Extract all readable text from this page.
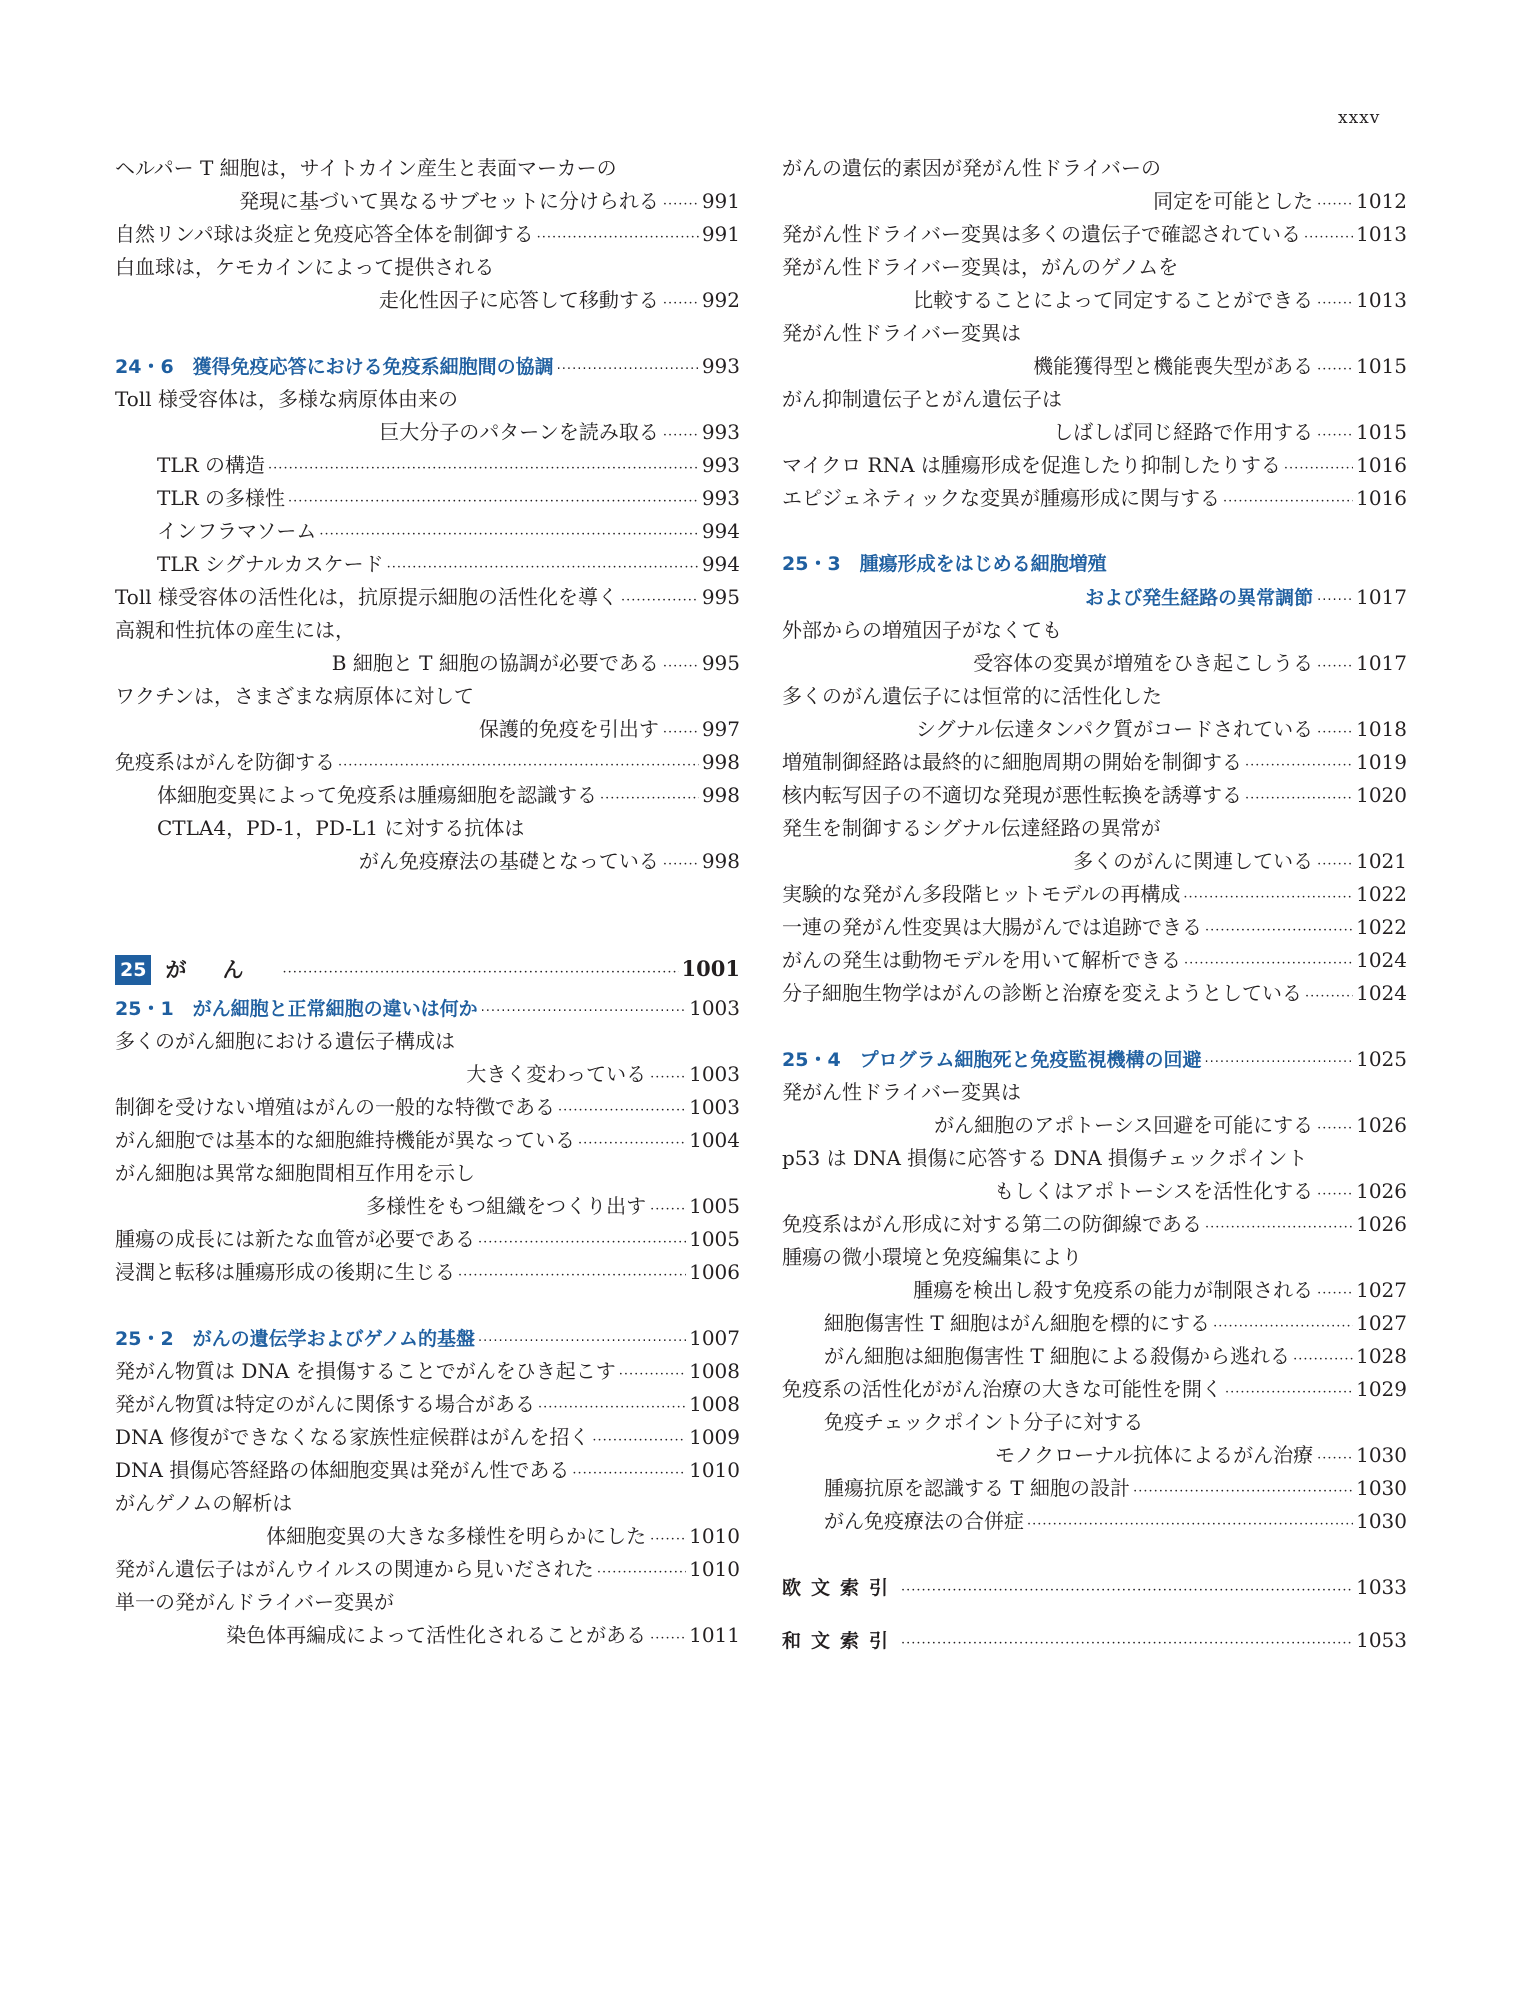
xxxv
ヘルパー T 細胞は，サイトカイン産生と表面マーカーの
発現に基づいて異なるサブセットに分けられる ······· 991
自然リンパ球は炎症と免疫応答全体を制御する ·····	991
白血球は，ケモカインによって提供される
走化性因子に応答して移動する ······· 992
24・6　獲得免疫応答における免疫系細胞間の協調 ·····	993
Toll 様受容体は，多様な病原体由来の
巨大分子のパターンを読み取る ······· 993
TLR の構造 ·····	993
TLR の多様性 ·····	993
インフラマソーム ·····	994
TLR シグナルカスケード ·····	994
Toll 様受容体の活性化は，抗原提示細胞の活性化を導く ·····	995
高親和性抗体の産生には，
B 細胞と T 細胞の協調が必要である ······· 995
ワクチンは，さまざまな病原体に対して
保護的免疫を引出す ······· 997
免疫系はがんを防御する ·····	998
体細胞変異によって免疫系は腫瘍細胞を認識する ·····	998
CTLA4，PD-1，PD-L1 に対する抗体は
がん免疫療法の基礎となっている ······· 998
25 がん ·····	1001
25・1　がん細胞と正常細胞の違いは何か ·····	1003
多くのがん細胞における遺伝子構成は
大きく変わっている ······· 1003
制御を受けない増殖はがんの一般的な特徴である ·····	1003
がん細胞では基本的な細胞維持機能が異なっている ·····	1004
がん細胞は異常な細胞間相互作用を示し
多様性をもつ組織をつくり出す ······· 1005
腫瘍の成長には新たな血管が必要である ·····	1005
浸潤と転移は腫瘍形成の後期に生じる ·····	1006
25・2　がんの遺伝学およびゲノム的基盤 ·····	1007
発がん物質は DNA を損傷することでがんをひき起こす ·····	1008
発がん物質は特定のがんに関係する場合がある ·····	1008
DNA 修復ができなくなる家族性症候群はがんを招く ·····	1009
DNA 損傷応答経路の体細胞変異は発がん性である ·····	1010
がんゲノムの解析は
体細胞変異の大きな多様性を明らかにした ······· 1010
発がん遺伝子はがんウイルスの関連から見いだされた ·····	1010
単一の発がんドライバー変異が
染色体再編成によって活性化されることがある ······· 1011
がんの遺伝的素因が発がん性ドライバーの
同定を可能とした ······· 1012
発がん性ドライバー変異は多くの遺伝子で確認されている ·····	1013
発がん性ドライバー変異は，がんのゲノムを
比較することによって同定することができる ······· 1013
発がん性ドライバー変異は
機能獲得型と機能喪失型がある ······· 1015
がん抑制遺伝子とがん遺伝子は
しばしば同じ経路で作用する ······· 1015
マイクロ RNA は腫瘍形成を促進したり抑制したりする ·····	1016
エピジェネティックな変異が腫瘍形成に関与する ·····	1016
25・3　腫瘍形成をはじめる細胞増殖
および発生経路の異常調節 ······· 1017
外部からの増殖因子がなくても
受容体の変異が増殖をひき起こしうる ······· 1017
多くのがん遺伝子には恒常的に活性化した
シグナル伝達タンパク質がコードされている ······· 1018
増殖制御経路は最終的に細胞周期の開始を制御する ·····	1019
核内転写因子の不適切な発現が悪性転換を誘導する ·····	1020
発生を制御するシグナル伝達経路の異常が
多くのがんに関連している ······· 1021
実験的な発がん多段階ヒットモデルの再構成 ·····	1022
一連の発がん性変異は大腸がんでは追跡できる ·····	1022
がんの発生は動物モデルを用いて解析できる ·····	1024
分子細胞生物学はがんの診断と治療を変えようとしている ·····	1024
25・4　プログラム細胞死と免疫監視機構の回避 ·····	1025
発がん性ドライバー変異は
がん細胞のアポトーシス回避を可能にする ······· 1026
p53 は DNA 損傷に応答する DNA 損傷チェックポイント
もしくはアポトーシスを活性化する ······· 1026
免疫系はがん形成に対する第二の防御線である ·····	1026
腫瘍の微小環境と免疫編集により
腫瘍を検出し殺す免疫系の能力が制限される ······· 1027
細胞傷害性 T 細胞はがん細胞を標的にする ·····	1027
がん細胞は細胞傷害性 T 細胞による殺傷から逃れる ·····	1028
免疫系の活性化ががん治療の大きな可能性を開く ·····	1029
免疫チェックポイント分子に対する
モノクローナル抗体によるがん治療 ······· 1030
腫瘍抗原を認識する T 細胞の設計 ·····	1030
がん免疫療法の合併症 ·····	1030
欧文索引 ·····	1033
和文索引 ·····	1053
